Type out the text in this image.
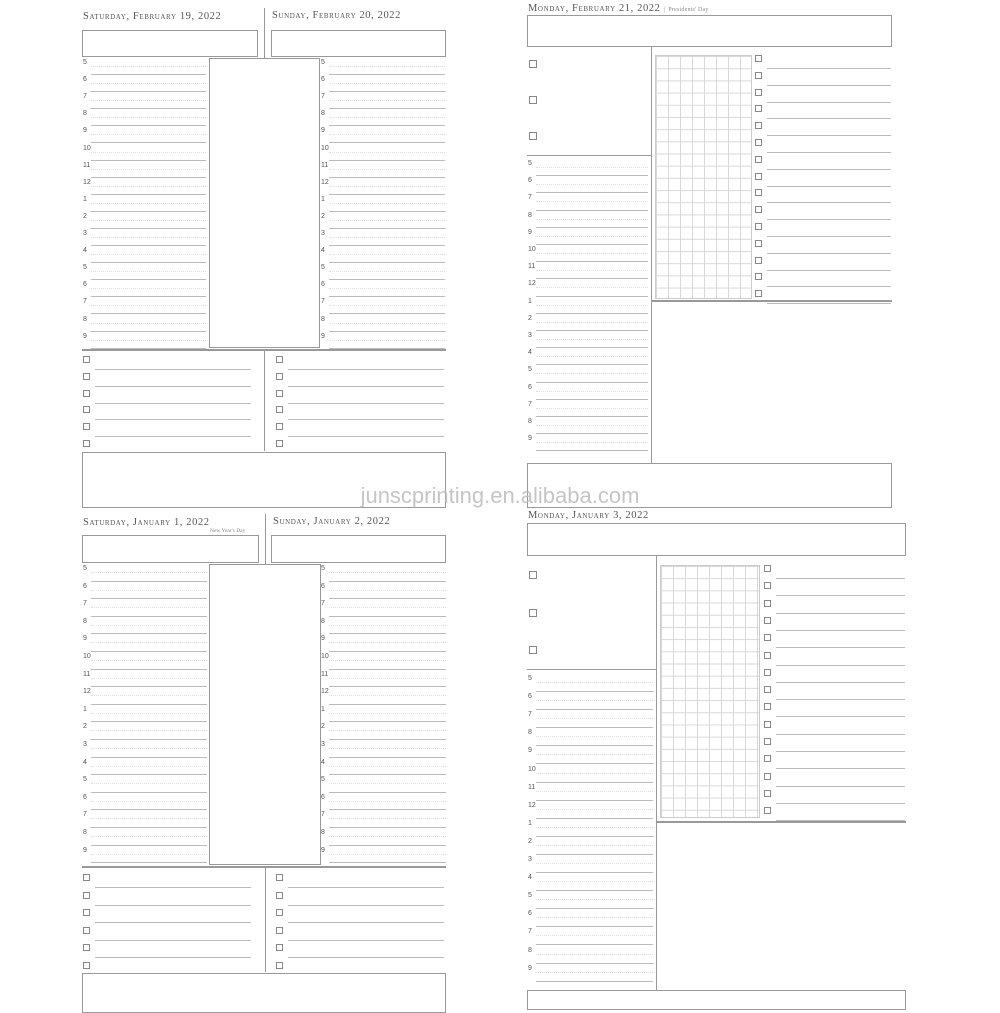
Saturday, February 19, 2022	Sunday, February 20, 2022
5
6
7
8
9
10
11
12
1
2
3
4
5
6
7
8
9
5
6
7
8
9
10
11
12
1
2
3
4
5
6
7
8
9
Monday, February 21, 2022 | Presidents' Day
5
6
7
8
9
10
11
12
1
2
3
4
5
6
7
8
9
Saturday, January 1, 2022
New Year's Day
Sunday, January 2, 2022
5
6
7
8
9
10
11
12
1
2
3
4
5
6
7
8
9
5
6
7
8
9
10
11
12
1
2
3
4
5
6
7
8
9
Monday, January 3, 2022
5
6
7
8
9
10
11
12
1
2
3
4
5
6
7
8
9
junscprinting.en.alibaba.com
